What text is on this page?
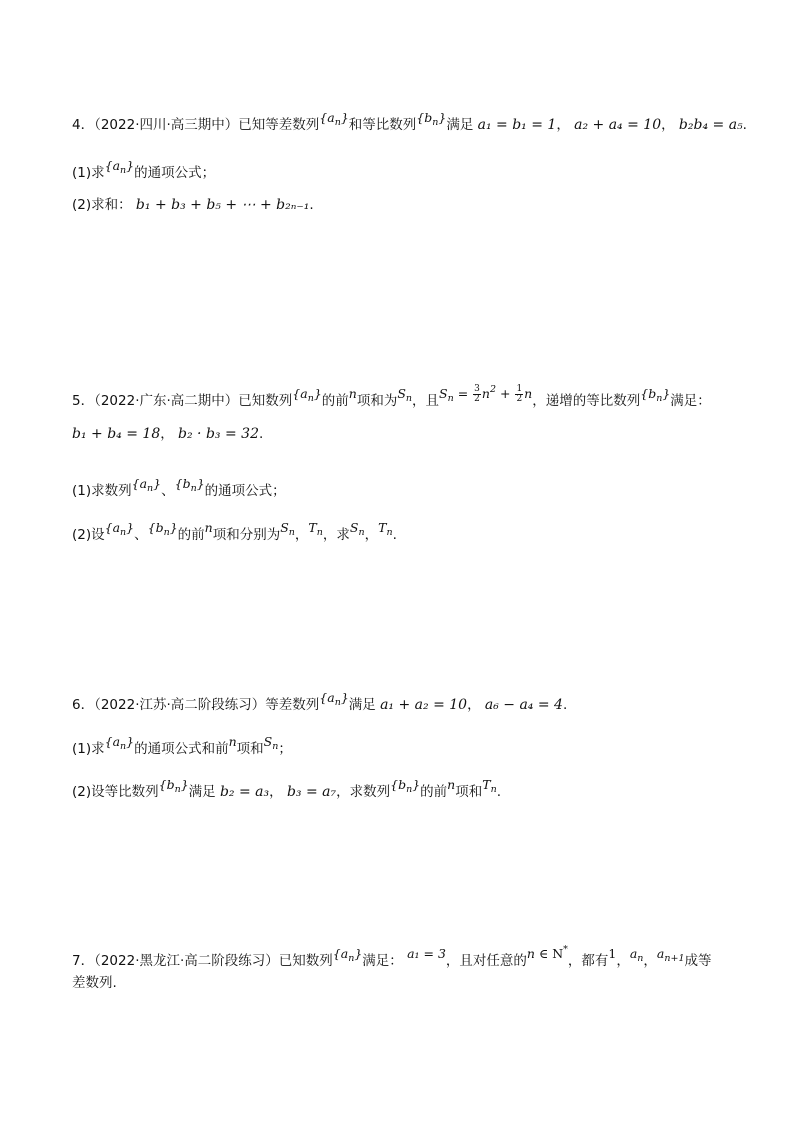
4．（2022·四川·高三期中）已知等差数列$\{a_n\}$和等比数列$\{b_n\}$满足 a₁ = b₁ = 1， a₂ + a₄ = 10， b₂b₄ = a₅.
(1)求$\{a_n\}$的通项公式；
(2)求和： b₁ + b₃ + b₅ + ⋯ + b₂ₙ₋₁.
5．（2022·广东·高二期中）已知数列$\{a_n\}$的前n项和为$S_n$，且$S_n = \frac{3}{2} n^2 + \frac{1}{2}$ n，递增的等比数列$\{b_n\}$满足：
b₁ + b₄ = 18， b₂ · b₃ = 32.
(1)求数列$\{a_n\}$、$\{b_n\}$的通项公式；
(2)设$\{a_n\}$、$\{b_n\}$的前n项和分别为$S_n$，$T_n$，求$S_n$，$T_n$.
6．（2022·江苏·高二阶段练习）等差数列$\{a_n\}$满足 a₁ + a₂ = 10， a₆ − a₄ = 4.
(1)求$\{a_n\}$的通项公式和前n项和$S_n$；
(2)设等比数列$\{b_n\}$满足 b₂ = a₃， b₃ = a₇，求数列$\{b_n\}$的前n项和$T_n$.
7．（2022·黑龙江·高二阶段练习）已知数列$\{a_n\}$满足： a₁ = 3，且对任意的n ∈ N*，都有1，$a_n$，$a_{n+1}$成等
差数列.
